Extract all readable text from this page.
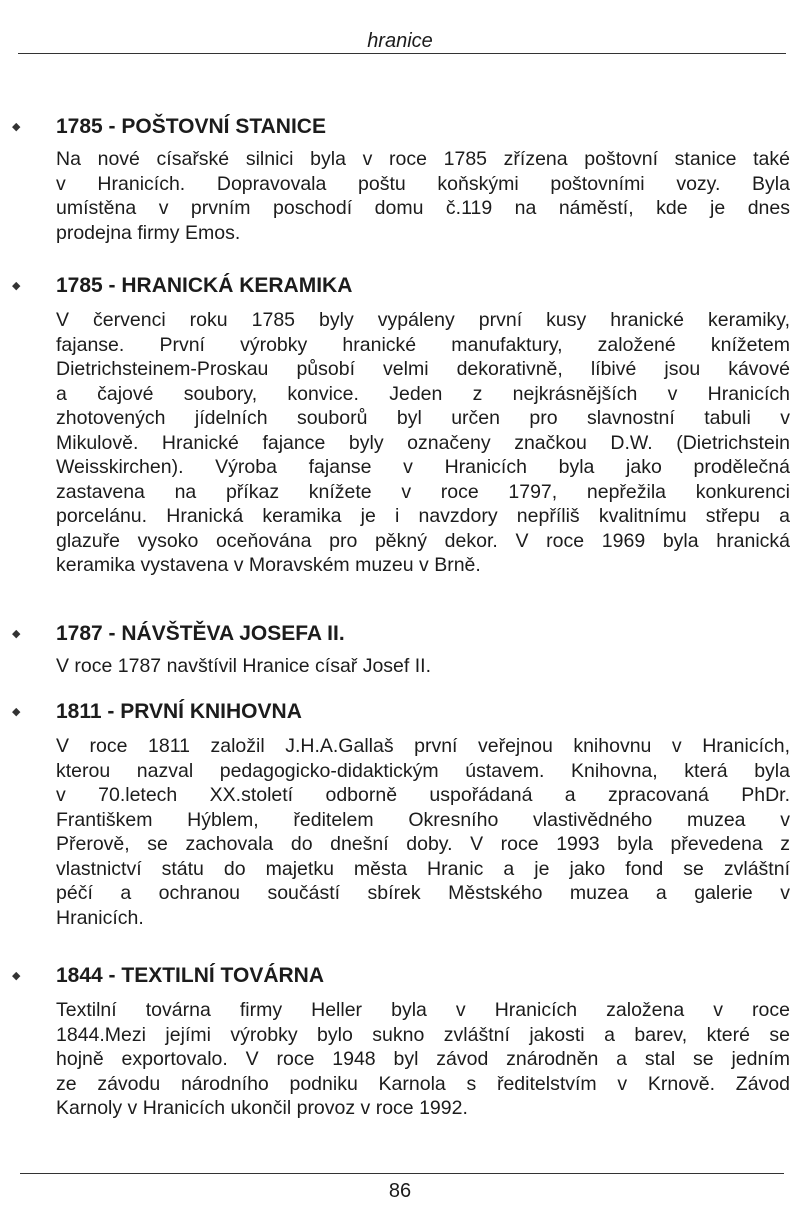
hranice
◆ 1785 - POŠTOVNÍ STANICE
Na nové císařské silnici byla v roce 1785 zřízena poštovní stanice také
v Hranicích. Dopravovala poštu koňskými poštovními vozy. Byla
umístěna v prvním poschodí domu č.119 na náměstí, kde je dnes
prodejna firmy Emos.
◆ 1785 - HRANICKÁ KERAMIKA
V červenci roku 1785 byly vypáleny první kusy hranické keramiky,
fajanse. První výrobky hranické manufaktury, založené knížetem
Dietrichsteinem-Proskau působí velmi dekorativně, líbivé jsou kávové
a čajové soubory, konvice. Jeden z nejkrásnějších v Hranicích
zhotovených jídelních souborů byl určen pro slavnostní tabuli v
Mikulově. Hranické fajance byly označeny značkou D.W. (Dietrichstein
Weisskirchen). Výroba fajanse v Hranicích byla jako prodělečná
zastavena na příkaz knížete v roce 1797, nepřežila konkurenci
porcelánu. Hranická keramika je i navzdory nepříliš kvalitnímu střepu a
glazuře vysoko oceňována pro pěkný dekor. V roce 1969 byla hranická
keramika vystavena v Moravském muzeu v Brně.
◆ 1787 - NÁVŠTĚVA JOSEFA II.
V roce 1787 navštívil Hranice císař Josef II.
◆ 1811 - PRVNÍ KNIHOVNA
V roce 1811 založil J.H.A.Gallaš první veřejnou knihovnu v Hranicích,
kterou nazval pedagogicko-didaktickým ústavem. Knihovna, která byla
v 70.letech XX.století odborně uspořádaná a zpracovaná PhDr.
Františkem Hýblem, ředitelem Okresního vlastivědného muzea v
Přerově, se zachovala do dnešní doby. V roce 1993 byla převedena z
vlastnictví státu do majetku města Hranic a je jako fond se zvláštní
péčí a ochranou součástí sbírek Městského muzea a galerie v
Hranicích.
◆ 1844 - TEXTILNÍ TOVÁRNA
Textilní továrna firmy Heller byla v Hranicích založena v roce
1844.Mezi jejími výrobky bylo sukno zvláštní jakosti a barev, které se
hojně exportovalo. V roce 1948 byl závod znárodněn a stal se jedním
ze závodu národního podniku Karnola s ředitelstvím v Krnově. Závod
Karnoly v Hranicích ukončil provoz v roce 1992.
86
